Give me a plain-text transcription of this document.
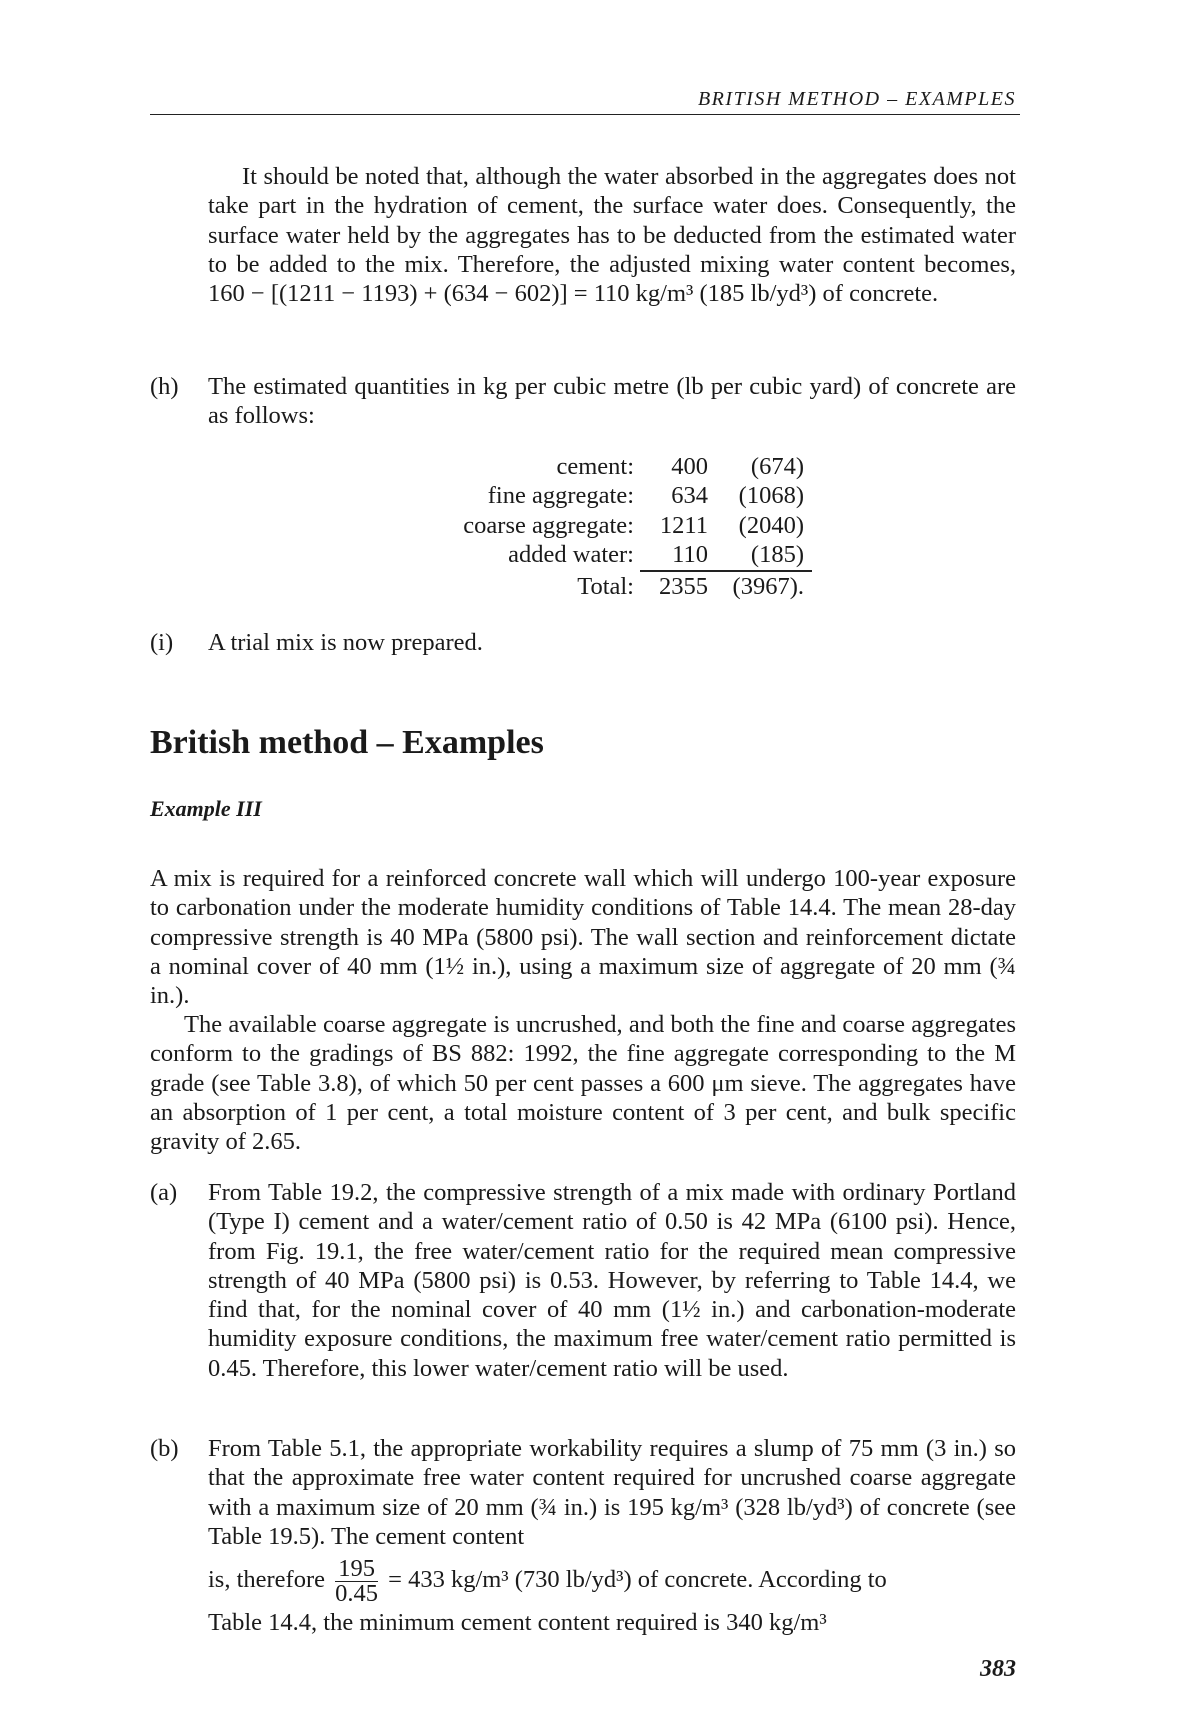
BRITISH METHOD – EXAMPLES
It should be noted that, although the water absorbed in the aggregates does not take part in the hydration of cement, the surface water does. Consequently, the surface water held by the aggregates has to be deducted from the estimated water to be added to the mix. Therefore, the adjusted mixing water content becomes, 160 − [(1211 − 1193) + (634 − 602)] = 110 kg/m³ (185 lb/yd³) of concrete.
(h) The estimated quantities in kg per cubic metre (lb per cubic yard) of concrete are as follows:
cement: 400 (674)
fine aggregate: 634 (1068)
coarse aggregate: 1211 (2040)
added water: 110 (185)
Total: 2355 (3967).
(i) A trial mix is now prepared.
British method – Examples
Example III
A mix is required for a reinforced concrete wall which will undergo 100-year exposure to carbonation under the moderate humidity conditions of Table 14.4. The mean 28-day compressive strength is 40 MPa (5800 psi). The wall section and reinforcement dictate a nominal cover of 40 mm (1½ in.), using a maximum size of aggregate of 20 mm (¾ in.).
The available coarse aggregate is uncrushed, and both the fine and coarse aggregates conform to the gradings of BS 882: 1992, the fine aggregate corresponding to the M grade (see Table 3.8), of which 50 per cent passes a 600 μm sieve. The aggregates have an absorption of 1 per cent, a total moisture content of 3 per cent, and bulk specific gravity of 2.65.
(a) From Table 19.2, the compressive strength of a mix made with ordinary Portland (Type I) cement and a water/cement ratio of 0.50 is 42 MPa (6100 psi). Hence, from Fig. 19.1, the free water/cement ratio for the required mean compressive strength of 40 MPa (5800 psi) is 0.53. However, by referring to Table 14.4, we find that, for the nominal cover of 40 mm (1½ in.) and carbonation-moderate humidity exposure conditions, the maximum free water/cement ratio permitted is 0.45. Therefore, this lower water/cement ratio will be used.
(b) From Table 5.1, the appropriate workability requires a slump of 75 mm (3 in.) so that the approximate free water content required for uncrushed coarse aggregate with a maximum size of 20 mm (¾ in.) is 195 kg/m³ (328 lb/yd³) of concrete (see Table 19.5). The cement content
is, therefore $\frac{195}{0.45} = 433$ kg/m³ (730 lb/yd³) of concrete. According to
Table 14.4, the minimum cement content required is 340 kg/m³
383
